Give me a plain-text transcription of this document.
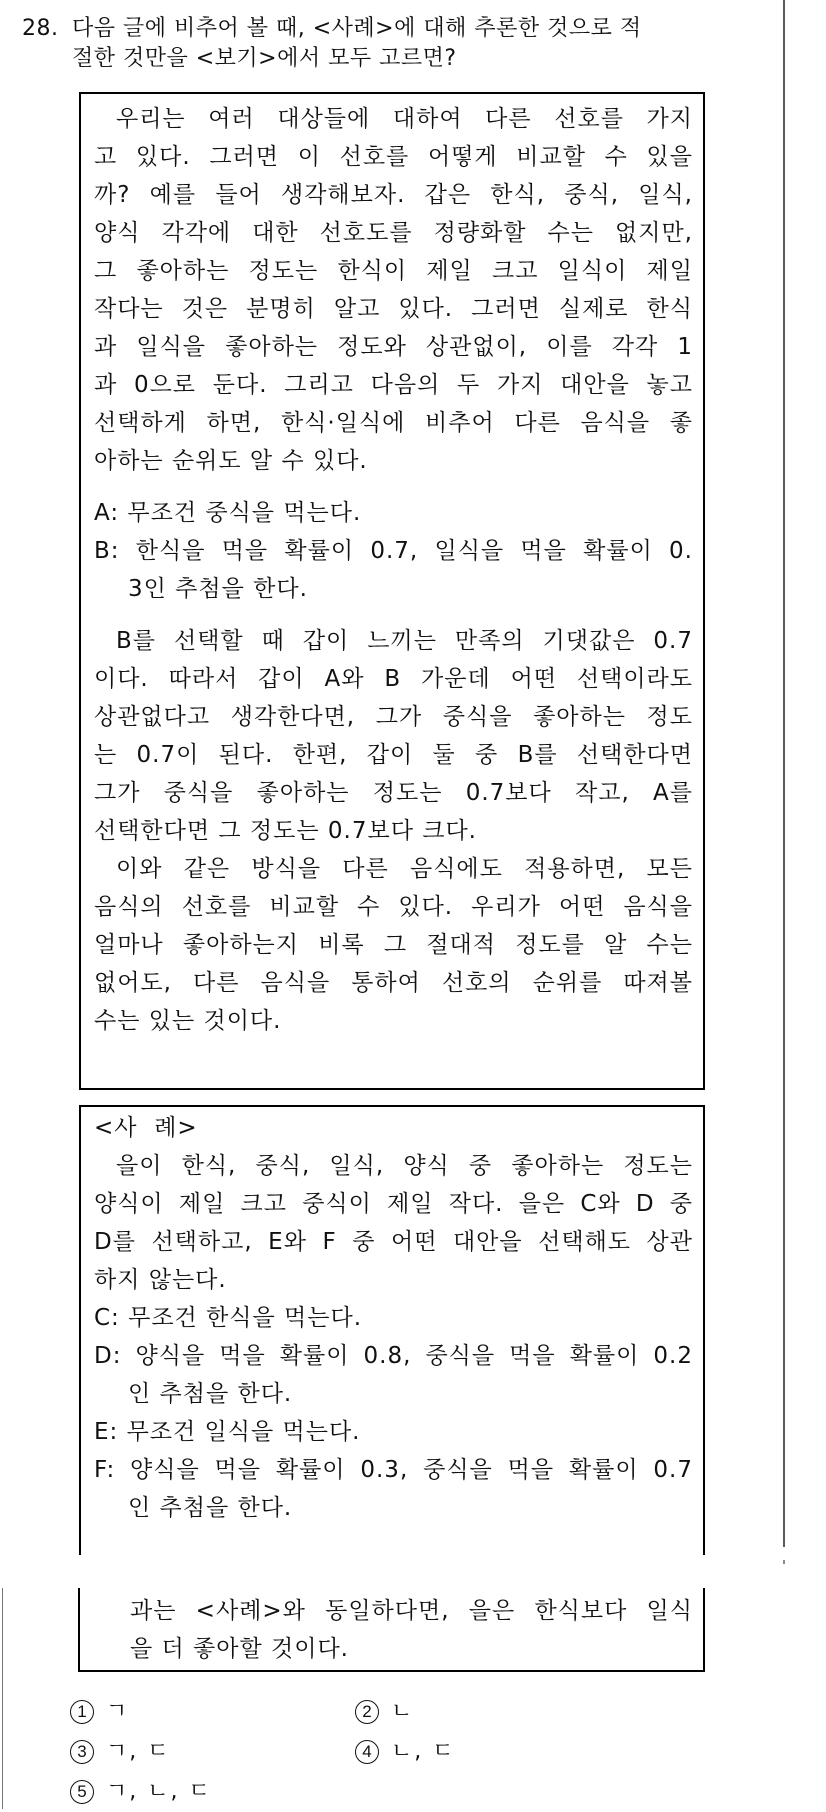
28. 다음 글에 비추어 볼 때, <사례>에 대해 추론한 것으로 적
절한 것만을 <보기>에서 모두 고르면?
우리는 여러 대상들에 대하여 다른 선호를 가지
고 있다. 그러면 이 선호를 어떻게 비교할 수 있을
까? 예를 들어 생각해보자. 갑은 한식, 중식, 일식,
양식 각각에 대한 선호도를 정량화할 수는 없지만,
그 좋아하는 정도는 한식이 제일 크고 일식이 제일
작다는 것은 분명히 알고 있다. 그러면 실제로 한식
과 일식을 좋아하는 정도와 상관없이, 이를 각각 1
과 0으로 둔다. 그리고 다음의 두 가지 대안을 놓고
선택하게 하면, 한식·일식에 비추어 다른 음식을 좋
아하는 순위도 알 수 있다.
A: 무조건 중식을 먹는다.
B: 한식을 먹을 확률이 0.7, 일식을 먹을 확률이 0.
3인 추첨을 한다.
B를 선택할 때 갑이 느끼는 만족의 기댓값은 0.7
이다. 따라서 갑이 A와 B 가운데 어떤 선택이라도
상관없다고 생각한다면, 그가 중식을 좋아하는 정도
는 0.7이 된다. 한편, 갑이 둘 중 B를 선택한다면
그가 중식을 좋아하는 정도는 0.7보다 작고, A를
선택한다면 그 정도는 0.7보다 크다.
이와 같은 방식을 다른 음식에도 적용하면, 모든
음식의 선호를 비교할 수 있다. 우리가 어떤 음식을
얼마나 좋아하는지 비록 그 절대적 정도를 알 수는
없어도, 다른 음식을 통하여 선호의 순위를 따져볼
수는 있는 것이다.
<사  례>
을이 한식, 중식, 일식, 양식 중 좋아하는 정도는
양식이 제일 크고 중식이 제일 작다. 을은 C와 D 중
D를 선택하고, E와 F 중 어떤 대안을 선택해도 상관
하지 않는다.
C: 무조건 한식을 먹는다.
D: 양식을 먹을 확률이 0.8, 중식을 먹을 확률이 0.2
인 추첨을 한다.
E: 무조건 일식을 먹는다.
F: 양식을 먹을 확률이 0.3, 중식을 먹을 확률이 0.7
인 추첨을 한다.
과는 <사례>와 동일하다면, 을은 한식보다 일식
을 더 좋아할 것이다.
1 ㄱ	2 ㄴ
3 ㄱ, ㄷ	4 ㄴ, ㄷ
5 ㄱ, ㄴ, ㄷ
